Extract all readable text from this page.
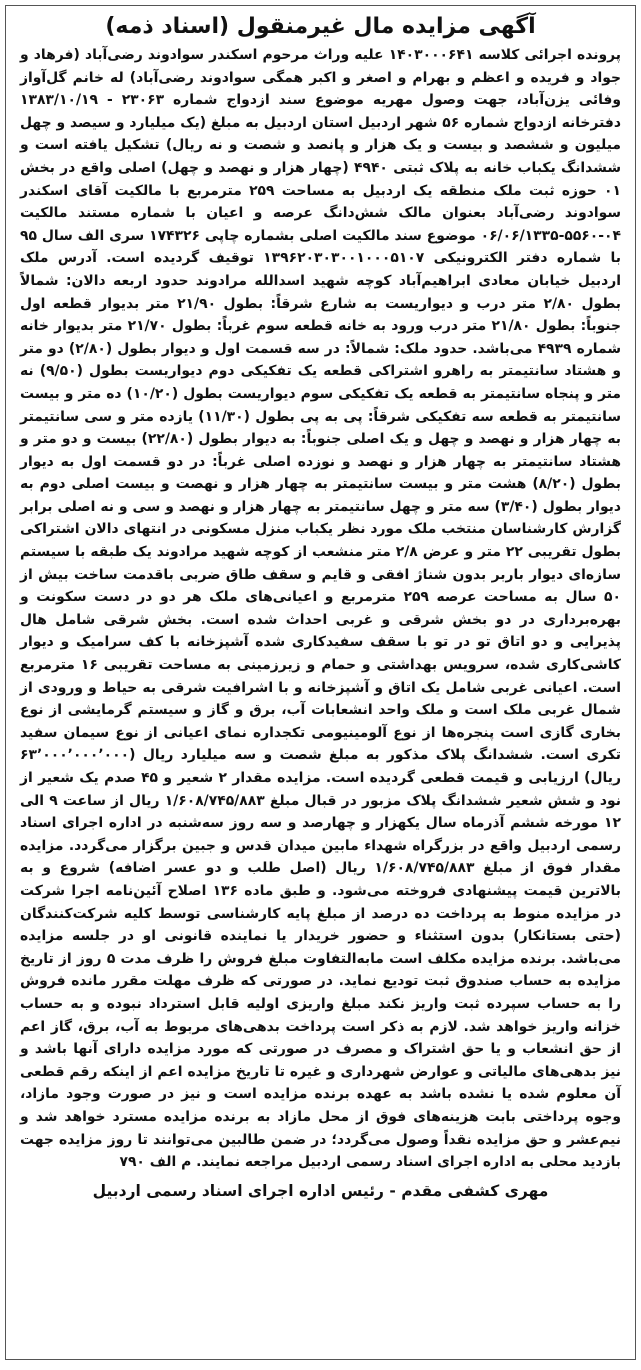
آگهی مزایده مال غیرمنقول (اسناد ذمه)

پرونده اجرائی کلاسه ۱۴۰۳۰۰۰۶۴۱ علیه وراث مرحوم اسکندر سوادوند رضی‌آباد (فرهاد و جواد و فریده و اعظم و بهرام و اصغر و اکبر همگی سوادوند رضی‌آباد) له خانم گل‌آواز وفائی یزن‌آباد، جهت وصول مهریه موضوع سند ازدواج شماره ۲۳۰۶۳ - ۱۳۸۳/۱۰/۱۹ دفترخانه ازدواج شماره ۵۶ شهر اردبیل استان اردبیل به مبلغ (یک میلیارد و سیصد و چهل میلیون و ششصد و بیست و یک هزار و پانصد و شصت و نه ریال) تشکیل یافته است و ششدانگ یکباب خانه به پلاک ثبتی ۴۹۴۰ (چهار هزار و نهصد و چهل) اصلی واقع در بخش ۰۱ حوزه ثبت ملک منطقه یک اردبیل به مساحت ۲۵۹ مترمربع با مالکیت آقای اسکندر سوادوند رضی‌آباد بعنوان مالک شش‌دانگ عرصه و اعیان با شماره مستند مالکیت ۰۴-۵۵۶۰-۰۶/۰۶/۱۳۳۵ موضوع سند مالکیت اصلی بشماره چاپی ۱۷۴۳۲۶ سری الف سال ۹۵ با شماره دفتر الکترونیکی ۱۳۹۶۲۰۳۰۳۰۰۱۰۰۰۵۱۰۷ توقیف گردیده است. آدرس ملک اردبیل خیابان معادی ابراهیم‌آباد کوچه شهید اسدالله مرادوند حدود اربعه دالان: شمالاً بطول ۲/۸۰ متر درب و دیواریست به شارع شرقاً: بطول ۲۱/۹۰ متر بدیوار قطعه اول جنوباً: بطول ۲۱/۸۰ متر درب ورود به خانه قطعه سوم غرباً: بطول ۲۱/۷۰ متر بدیوار خانه شماره ۴۹۳۹ می‌باشد. حدود ملک: شمالاً: در سه قسمت اول و دیوار بطول (۲/۸۰) دو متر و هشتاد سانتیمتر به راهرو اشتراکی قطعه یک تفکیکی دوم دیواریست بطول (۹/۵۰) نه متر و پنجاه سانتیمتر به قطعه یک تفکیکی سوم دیواریست بطول (۱۰/۲۰) ده متر و بیست سانتیمتر به قطعه سه تفکیکی شرقاً: پی به پی بطول (۱۱/۳۰) یازده متر و سی سانتیمتر به چهار هزار و نهصد و چهل و یک اصلی جنوباً: به دیوار بطول (۲۲/۸۰) بیست و دو متر و هشتاد سانتیمتر به چهار هزار و نهصد و نوزده اصلی غرباً: در دو قسمت اول به دیوار بطول (۸/۲۰) هشت متر و بیست سانتیمتر به چهار هزار و نهصت و بیست اصلی دوم به دیوار بطول (۳/۴۰) سه متر و چهل سانتیمتر به چهار هزار و نهصد و سی و نه اصلی برابر گزارش کارشناسان منتخب ملک مورد نظر یکباب منزل مسکونی در انتهای دالان اشتراکی بطول تقریبی ۲۲ متر و عرض ۲/۸ متر منشعب از کوچه شهید مرادوند یک طبقه با سیستم سازه‌ای دیوار باربر بدون شناژ افقی و قایم و سقف طاق ضربی باقدمت ساخت بیش از ۵۰ سال به مساحت عرصه ۲۵۹ مترمربع و اعیانی‌های ملک هر دو در دست سکونت و بهره‌برداری در دو بخش شرقی و غربی احداث شده است. بخش شرقی شامل هال پذیرایی و دو اتاق تو در تو با سقف سفیدکاری شده آشپزخانه با کف سرامیک و دیوار کاشی‌کاری شده، سرویس بهداشتی و حمام و زیرزمینی به مساحت تقریبی ۱۶ مترمربع است. اعیانی غربی شامل یک اتاق و آشپزخانه و با اشرافیت شرقی به حیاط و ورودی از شمال غربی ملک است و ملک واحد انشعابات آب، برق و گاز و سیستم گرمایشی از نوع بخاری گازی است پنجره‌ها از نوع آلومینیومی تکجداره نمای اعیانی از نوع سیمان سفید تکری است. ششدانگ پلاک مذکور به مبلغ شصت و سه میلیارد ریال (۶۳٬۰۰۰٬۰۰۰٬۰۰۰ ریال) ارزیابی و قیمت قطعی گردیده است. مزایده مقدار ۲ شعیر و ۴۵ صدم یک شعیر از نود و شش شعیر ششدانگ پلاک مزبور در قبال مبلغ ۱/۶۰۸/۷۴۵/۸۸۳ ریال از ساعت ۹ الی ۱۲ مورخه ششم آذرماه سال یکهزار و چهارصد و سه روز سه‌شنبه در اداره اجرای اسناد رسمی اردبیل واقع در بزرگراه شهداء مابین میدان قدس و جبین برگزار می‌گردد. مزایده مقدار فوق از مبلغ ۱/۶۰۸/۷۴۵/۸۸۳ ریال (اصل طلب و دو عسر اضافه) شروع و به بالاترین قیمت پیشنهادی فروخته می‌شود. و طبق ماده ۱۳۶ اصلاح آئین‌نامه اجرا شرکت در مزایده منوط به پرداخت ده درصد از مبلغ پایه کارشناسی توسط کلیه شرکت‌کنندگان (حتی بستانکار) بدون استثناء و حضور خریدار یا نماینده قانونی او در جلسه مزایده می‌باشد. برنده مزایده مکلف است مابه‌التفاوت مبلغ فروش را ظرف مدت ۵ روز از تاریخ مزایده به حساب صندوق ثبت تودیع نماید. در صورتی که ظرف مهلت مقرر مانده فروش را به حساب سپرده ثبت واریز نکند مبلغ واریزی اولیه قابل استرداد نبوده و به حساب خزانه واریز خواهد شد. لازم به ذکر است پرداخت بدهی‌های مربوط به آب، برق، گاز اعم از حق انشعاب و یا حق اشتراک و مصرف در صورتی که مورد مزایده دارای آنها باشد و نیز بدهی‌های مالیاتی و عوارض شهرداری و غیره تا تاریخ مزایده اعم از اینکه رقم قطعی آن معلوم شده یا نشده باشد به عهده برنده مزایده است و نیز در صورت وجود مازاد، وجوه پرداختی بابت هزینه‌های فوق از محل مازاد به برنده مزایده مسترد خواهد شد و نیم‌عشر و حق مزایده نقداً وصول می‌گردد؛ در ضمن طالبین می‌توانند تا روز مزایده جهت بازدید محلی به اداره اجرای اسناد رسمی اردبیل مراجعه نمایند. م الف ۷۹۰

مهری کشفی مقدم - رئیس اداره اجرای اسناد رسمی اردبیل
